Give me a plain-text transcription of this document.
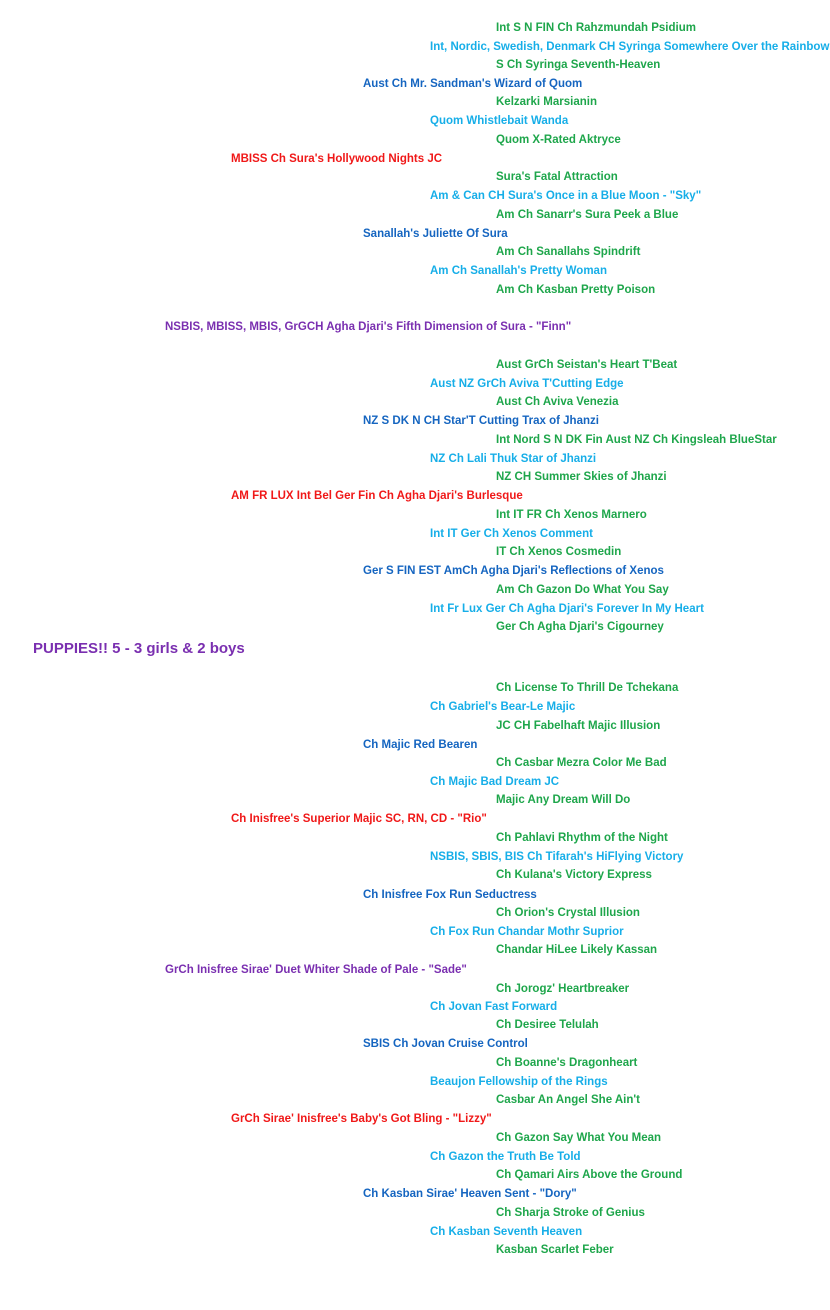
Int S N FIN Ch Rahzmundah Psidium
Int, Nordic, Swedish, Denmark CH Syringa Somewhere Over the Rainbow
S Ch Syringa Seventh-Heaven
Aust Ch Mr. Sandman's Wizard of Quom
Kelzarki Marsianin
Quom Whistlebait Wanda
Quom X-Rated Aktryce
MBISS Ch Sura's Hollywood Nights JC
Sura's Fatal Attraction
Am & Can CH Sura's Once in a Blue Moon - "Sky"
Am Ch Sanarr's Sura Peek a Blue
Sanallah's Juliette Of Sura
Am Ch Sanallahs Spindrift
Am Ch Sanallah's Pretty Woman
Am Ch Kasban Pretty Poison
NSBIS, MBISS, MBIS, GrGCH Agha Djari's Fifth Dimension of Sura - "Finn"
Aust GrCh Seistan's Heart T'Beat
Aust NZ GrCh Aviva T'Cutting Edge
Aust Ch Aviva Venezia
NZ S DK N CH Star'T Cutting Trax of Jhanzi
Int Nord S N DK Fin Aust NZ Ch Kingsleah BlueStar
NZ Ch Lali Thuk Star of Jhanzi
NZ CH Summer Skies of Jhanzi
AM FR LUX Int Bel Ger Fin Ch Agha Djari's Burlesque
Int IT FR Ch Xenos Marnero
Int IT Ger Ch Xenos Comment
IT Ch Xenos Cosmedin
Ger S FIN EST AmCh Agha Djari's Reflections of Xenos
Am Ch Gazon Do What You Say
Int Fr Lux Ger Ch Agha Djari's Forever In My Heart
Ger Ch Agha Djari's Cigourney
PUPPIES!! 5 - 3 girls & 2 boys
Ch License To Thrill De Tchekana
Ch Gabriel's Bear-Le Majic
JC CH Fabelhaft Majic Illusion
Ch Majic Red Bearen
Ch Casbar Mezra Color Me Bad
Ch Majic Bad Dream JC
Majic Any Dream Will Do
Ch Inisfree's Superior Majic SC, RN, CD - "Rio"
Ch Pahlavi Rhythm of the Night
NSBIS, SBIS, BIS Ch Tifarah's HiFlying Victory
Ch Kulana's Victory Express
Ch Inisfree Fox Run Seductress
Ch Orion's Crystal Illusion
Ch Fox Run Chandar Mothr Suprior
Chandar HiLee Likely Kassan
GrCh Inisfree Sirae' Duet Whiter Shade of Pale - "Sade"
Ch Jorogz' Heartbreaker
Ch Jovan Fast Forward
Ch Desiree Telulah
SBIS Ch Jovan Cruise Control
Ch Boanne's Dragonheart
Beaujon Fellowship of the Rings
Casbar An Angel She Ain't
GrCh Sirae' Inisfree's Baby's Got Bling - "Lizzy"
Ch Gazon Say What You Mean
Ch Gazon the Truth Be Told
Ch Qamari Airs Above the Ground
Ch Kasban Sirae' Heaven Sent - "Dory"
Ch Sharja Stroke of Genius
Ch Kasban Seventh Heaven
Kasban Scarlet Feber
